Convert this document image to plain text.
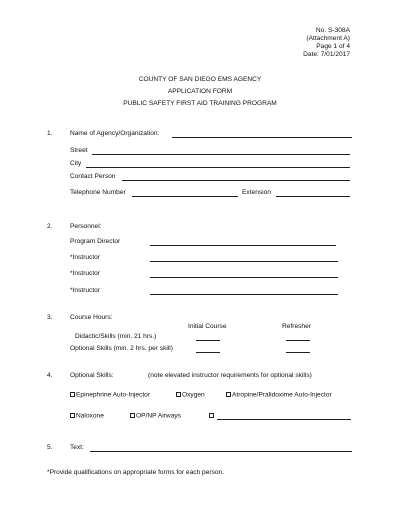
No. S-308A
(Attachment A)
Page 1 of 4
Date: 7/01/2017
COUNTY OF SAN DIEGO EMS AGENCY
APPLICATION FORM
PUBLIC SAFETY FIRST AID TRAINING PROGRAM
1.	Name of Agency/Organization:
Street
City
Contact Person
Telephone Number	Extension
2.	Personnel:
Program Director
*Instructor
*Instructor
*Instructor
3.	Course Hours:
Initial Course	Refresher
Didactic/Skills (min. 21 hrs.)
Optional Skills (min. 2 hrs. per skill)
4.	Optional Skills:	(note elevated instructor requirements for optional skills)
Epinephrine Auto-Injector	Oxygen	Atropine/Pralidoxime Auto-Injector
Naloxone	OP/NP Airways
5.	Text:
*Provide qualifications on appropriate forms for each person.
